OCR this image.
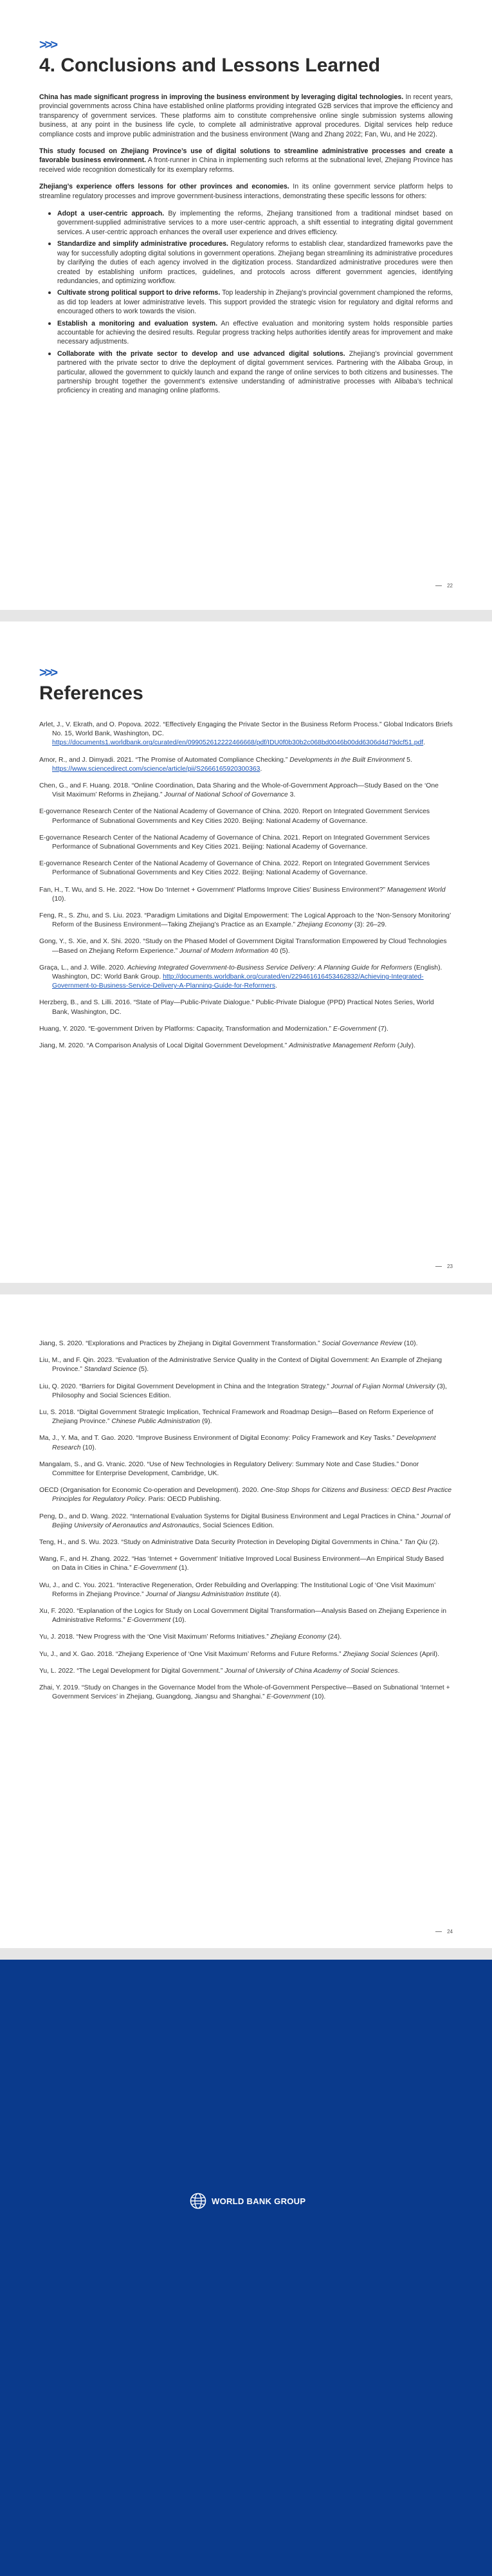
>>>
4. Conclusions and Lessons Learned

China has made significant progress in improving the business environment by leveraging digital technologies. In recent years, provincial governments across China have established online platforms providing integrated G2B services that improve the efficiency and transparency of government services. These platforms aim to constitute comprehensive online single submission systems allowing business, at any point in the business life cycle, to complete all administrative approval procedures. Digital services help reduce compliance costs and improve public administration and the business environment (Wang and Zhang 2022; Fan, Wu, and He 2022).

This study focused on Zhejiang Province’s use of digital solutions to streamline administrative processes and create a favorable business environment. A front-runner in China in implementing such reforms at the subnational level, Zhejiang Province has received wide recognition domestically for its exemplary reforms.

Zhejiang’s experience offers lessons for other provinces and economies. In its online government service platform helps to streamline regulatory processes and improve government-business interactions, demonstrating these specific lessons for others:

• Adopt a user-centric approach. By implementing the reforms, Zhejiang transitioned from a traditional mindset based on government-supplied administrative services to a more user-centric approach, a shift essential to integrating digital government services. A user-centric approach enhances the overall user experience and drives efficiency.
• Standardize and simplify administrative procedures. Regulatory reforms to establish clear, standardized frameworks pave the way for successfully adopting digital solutions in government operations. Zhejiang began streamlining its administrative procedures by clarifying the duties of each agency involved in the digitization process. Standardized administrative procedures were then created by establishing uniform practices, guidelines, and protocols across different government agencies, identifying redundancies, and optimizing workflow.
• Cultivate strong political support to drive reforms. Top leadership in Zhejiang’s provincial government championed the reforms, as did top leaders at lower administrative levels. This support provided the strategic vision for regulatory and digital reforms and encouraged others to work towards the vision.
• Establish a monitoring and evaluation system. An effective evaluation and monitoring system holds responsible parties accountable for achieving the desired results. Regular progress tracking helps authorities identify areas for improvement and make necessary adjustments.
• Collaborate with the private sector to develop and use advanced digital solutions. Zhejiang’s provincial government partnered with the private sector to drive the deployment of digital government services. Partnering with the Alibaba Group, in particular, allowed the government to quickly launch and expand the range of online services to both citizens and businesses. The partnership brought together the government’s extensive understanding of administrative processes with Alibaba’s technical proficiency in creating and managing online platforms.
22
>>>
References

Arlet, J., V. Ekrath, and O. Popova. 2022. “Effectively Engaging the Private Sector in the Business Reform Process.” Global Indicators Briefs No. 15, World Bank, Washington, DC. https://documents1.worldbank.org/curated/en/099052612222466668/pdf/IDU0f0b30b2c068bd0046b00dd6306d4d79dcf51.pdf.

Amor, R., and J. Dimyadi. 2021. “The Promise of Automated Compliance Checking.” Developments in the Built Environment 5. https://www.sciencedirect.com/science/article/pii/S2666165920300363.

Chen, G., and F. Huang. 2018. “Online Coordination, Data Sharing and the Whole-of-Government Approach—Study Based on the ‘One Visit Maximum’ Reforms in Zhejiang.” Journal of National School of Governance 3.

E-governance Research Center of the National Academy of Governance of China. 2020. Report on Integrated Government Services Performance of Subnational Governments and Key Cities 2020. Beijing: National Academy of Governance.

E-governance Research Center of the National Academy of Governance of China. 2021. Report on Integrated Government Services Performance of Subnational Governments and Key Cities 2021. Beijing: National Academy of Governance.

E-governance Research Center of the National Academy of Governance of China. 2022. Report on Integrated Government Services Performance of Subnational Governments and Key Cities 2022. Beijing: National Academy of Governance.

Fan, H., T. Wu, and S. He. 2022. “How Do ‘Internet + Government’ Platforms Improve Cities’ Business Environment?” Management World (10).

Feng, R., S. Zhu, and S. Liu. 2023. “Paradigm Limitations and Digital Empowerment: The Logical Approach to the ‘Non-Sensory Monitoring’ Reform of the Business Environment—Taking Zhejiang’s Practice as an Example.” Zhejiang Economy (3): 26–29.

Gong, Y., S. Xie, and X. Shi. 2020. “Study on the Phased Model of Government Digital Transformation Empowered by Cloud Technologies—Based on Zhejiang Reform Experience.” Journal of Modern Information 40 (5).

Graça, L., and J. Wille. 2020. Achieving Integrated Government-to-Business Service Delivery: A Planning Guide for Reformers (English). Washington, DC: World Bank Group. http://documents.worldbank.org/curated/en/229461616453462832/Achieving-Integrated-Government-to-Business-Service-Delivery-A-Planning-Guide-for-Reformers.

Herzberg, B., and S. Lilli. 2016. “State of Play—Public-Private Dialogue.” Public-Private Dialogue (PPD) Practical Notes Series, World Bank, Washington, DC.

Huang, Y. 2020. “E-government Driven by Platforms: Capacity, Transformation and Modernization.” E-Government (7).

Jiang, M. 2020. “A Comparison Analysis of Local Digital Government Development.” Administrative Management Reform (July).

23

Jiang, S. 2020. “Explorations and Practices by Zhejiang in Digital Government Transformation.” Social Governance Review (10).

Liu, M., and F. Qin. 2023. “Evaluation of the Administrative Service Quality in the Context of Digital Government: An Example of Zhejiang Province.” Standard Science (5).

Liu, Q. 2020. “Barriers for Digital Government Development in China and the Integration Strategy.” Journal of Fujian Normal University (3), Philosophy and Social Sciences Edition.

Lu, S. 2018. “Digital Government Strategic Implication, Technical Framework and Roadmap Design—Based on Reform Experience of Zhejiang Province.” Chinese Public Administration (9).

Ma, J., Y. Ma, and T. Gao. 2020. “Improve Business Environment of Digital Economy: Policy Framework and Key Tasks.” Development Research (10).

Mangalam, S., and G. Vranic. 2020. “Use of New Technologies in Regulatory Delivery: Summary Note and Case Studies.” Donor Committee for Enterprise Development, Cambridge, UK.

OECD (Organisation for Economic Co-operation and Development). 2020. One-Stop Shops for Citizens and Business: OECD Best Practice Principles for Regulatory Policy. Paris: OECD Publishing.

Peng, D., and D. Wang. 2022. “International Evaluation Systems for Digital Business Environment and Legal Practices in China.” Journal of Beijing University of Aeronautics and Astronautics, Social Sciences Edition.

Teng, H., and S. Wu. 2023. “Study on Administrative Data Security Protection in Developing Digital Governments in China.” Tan Qiu (2).

Wang, F., and H. Zhang. 2022. “Has ‘Internet + Government’ Initiative Improved Local Business Environment—An Empirical Study Based on Data in Cities in China.” E-Government (1).

Wu, J., and C. You. 2021. “Interactive Regeneration, Order Rebuilding and Overlapping: The Institutional Logic of ‘One Visit Maximum’ Reforms in Zhejiang Province.” Journal of Jiangsu Administration Institute (4).

Xu, F. 2020. “Explanation of the Logics for Study on Local Government Digital Transformation—Analysis Based on Zhejiang Experience in Administrative Reforms.” E-Government (10).

Yu, J. 2018. “New Progress with the ‘One Visit Maximum’ Reforms Initiatives.” Zhejiang Economy (24).

Yu, J., and X. Gao. 2018. “Zhejiang Experience of ‘One Visit Maximum’ Reforms and Future Reforms.” Zhejiang Social Sciences (April).

Yu, L. 2022. “The Legal Development for Digital Government.” Journal of University of China Academy of Social Sciences.

Zhai, Y. 2019. “Study on Changes in the Governance Model from the Whole-of-Government Perspective—Based on Subnational ‘Internet + Government Services’ in Zhejiang, Guangdong, Jiangsu and Shanghai.” E-Government (10).

24
WORLD BANK GROUP
